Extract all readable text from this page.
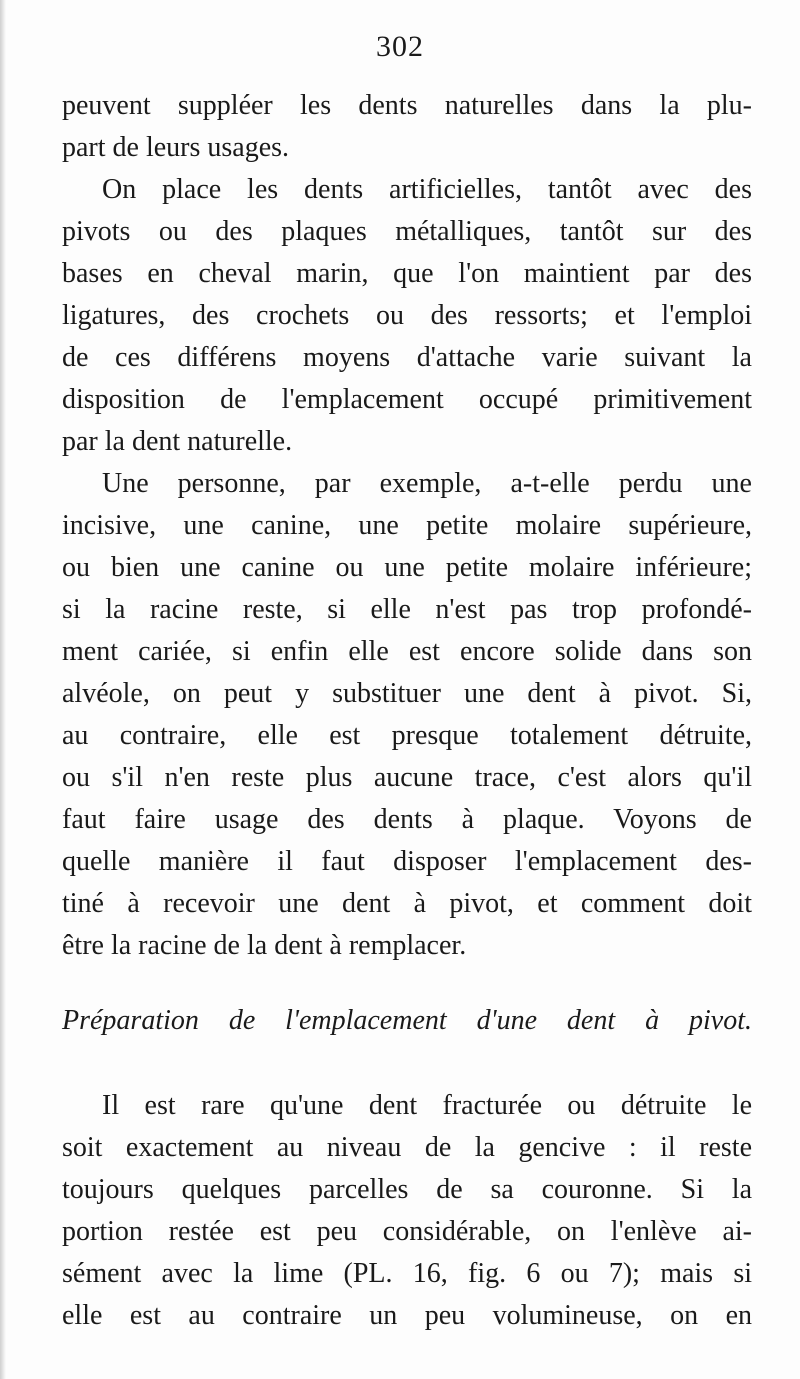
302
peuvent suppléer les dents naturelles dans la plu-
part de leurs usages.
On place les dents artificielles, tantôt avec des
pivots ou des plaques métalliques, tantôt sur des
bases en cheval marin, que l'on maintient par des
ligatures, des crochets ou des ressorts; et l'emploi
de ces différens moyens d'attache varie suivant la
disposition de l'emplacement occupé primitivement
par la dent naturelle.
Une personne, par exemple, a-t-elle perdu une
incisive, une canine, une petite molaire supérieure,
ou bien une canine ou une petite molaire inférieure;
si la racine reste, si elle n'est pas trop profondé-
ment cariée, si enfin elle est encore solide dans son
alvéole, on peut y substituer une dent à pivot. Si,
au contraire, elle est presque totalement détruite,
ou s'il n'en reste plus aucune trace, c'est alors qu'il
faut faire usage des dents à plaque. Voyons de
quelle manière il faut disposer l'emplacement des-
tiné à recevoir une dent à pivot, et comment doit
être la racine de la dent à remplacer.
Préparation de l'emplacement d'une dent à pivot.
Il est rare qu'une dent fracturée ou détruite le
soit exactement au niveau de la gencive : il reste
toujours quelques parcelles de sa couronne. Si la
portion restée est peu considérable, on l'enlève ai-
sément avec la lime (PL. 16, fig. 6 ou 7); mais si
elle est au contraire un peu volumineuse, on en
